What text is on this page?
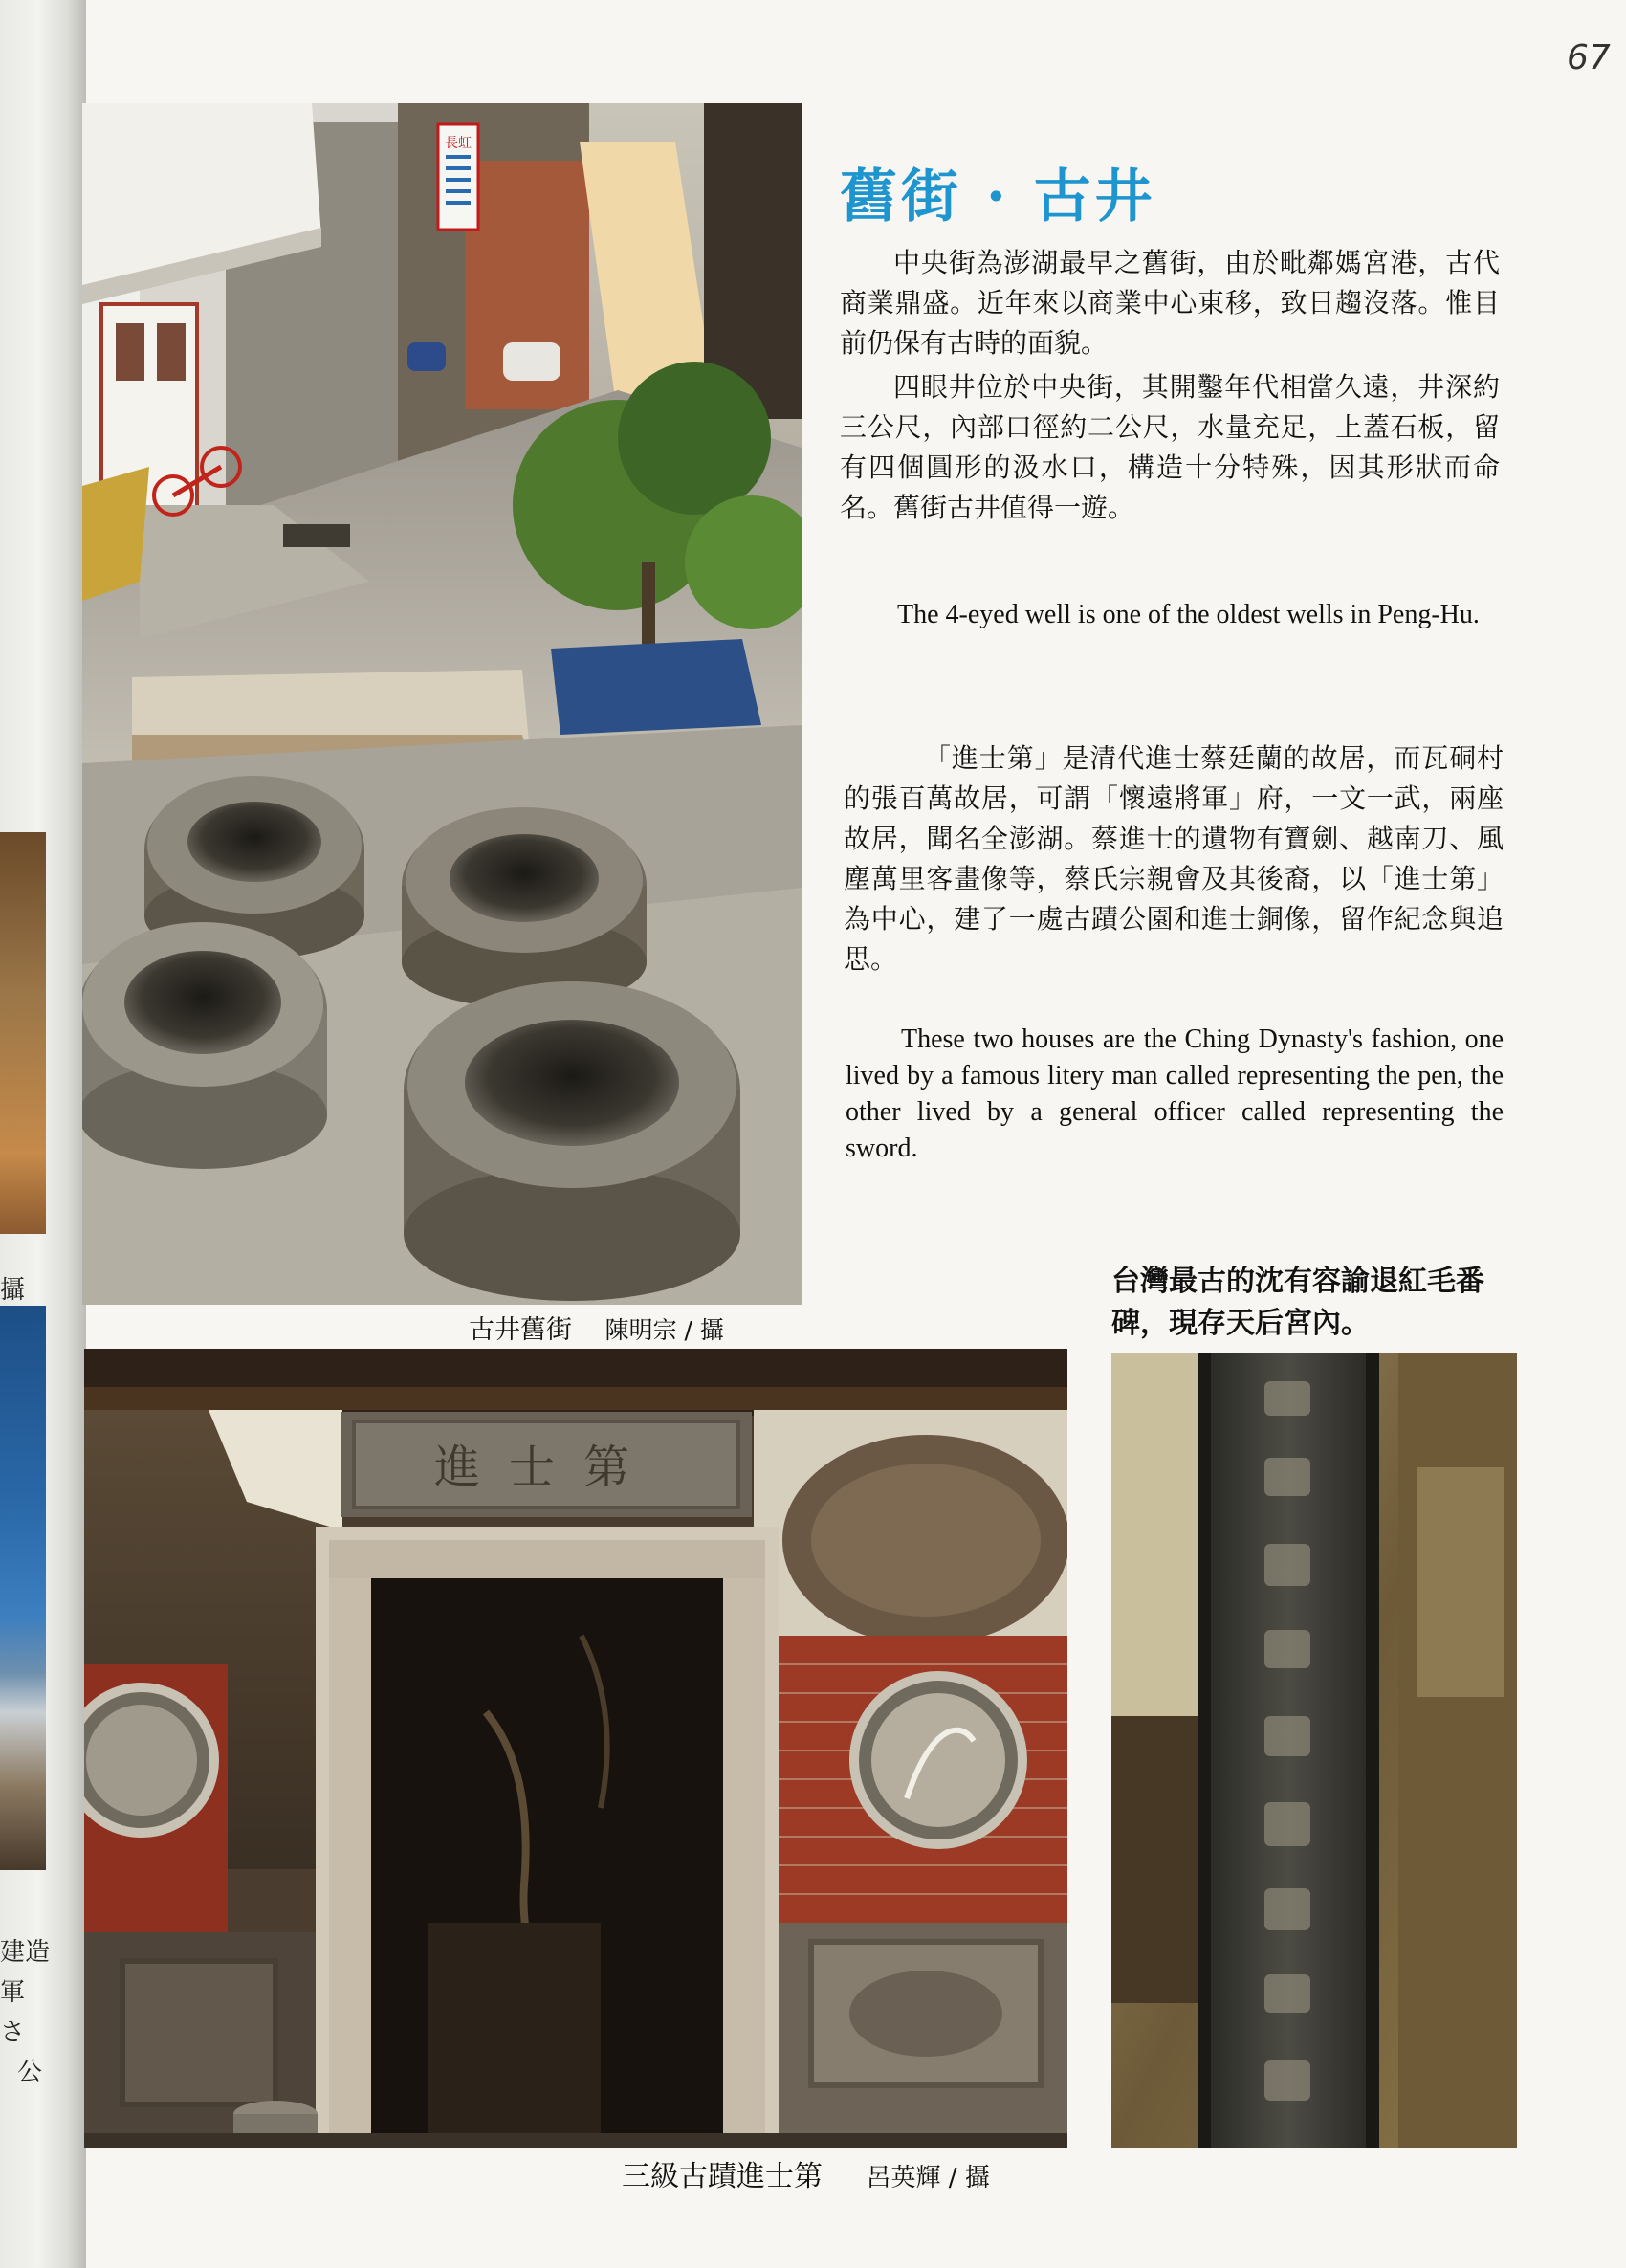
攝
建造
軍
さ
公
67
長虹
舊街 · 古井
中央街為澎湖最早之舊街，由於毗鄰媽宮港，古代商業鼎盛。近年來以商業中心東移，致日趨沒落。惟目前仍保有古時的面貌。
四眼井位於中央街，其開鑿年代相當久遠，井深約三公尺，內部口徑約二公尺，水量充足，上蓋石板，留有四個圓形的汲水口，構造十分特殊，因其形狀而命名。舊街古井值得一遊。
The 4-eyed well is one of the oldest wells in Peng-Hu.
「進士第」是清代進士蔡廷蘭的故居，而瓦硐村的張百萬故居，可謂「懷遠將軍」府，一文一武，兩座故居，聞名全澎湖。蔡進士的遺物有寶劍、越南刀、風塵萬里客畫像等，蔡氏宗親會及其後裔，以「進士第」為中心，建了一處古蹟公園和進士銅像，留作紀念與追思。
These two houses are the Ching Dynasty's fashion, one lived by a famous litery man called representing the pen, the other lived by a general officer called representing the sword.
古井舊街 陳明宗 / 攝
台灣最古的沈有容諭退紅毛番碑，現存天后宮內。
進士第
三級古蹟進士第 呂英輝 / 攝
